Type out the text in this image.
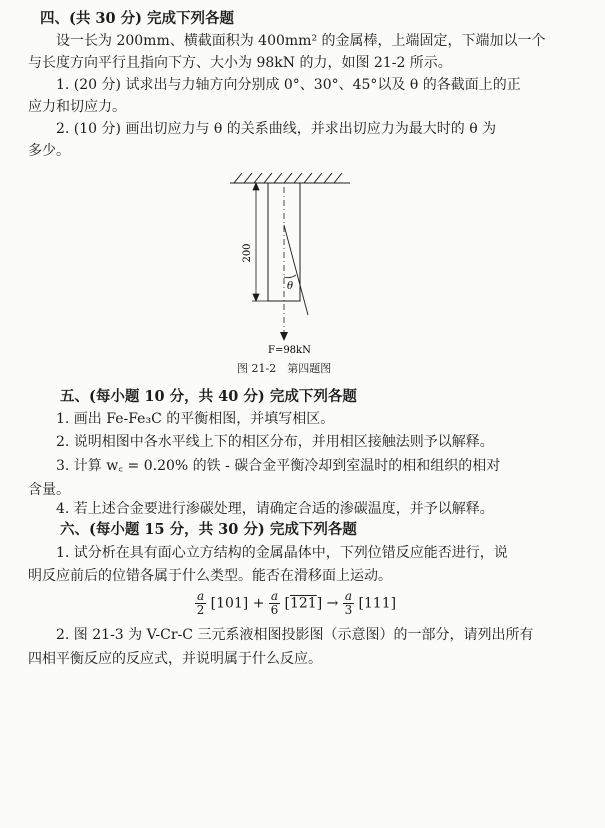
四、(共 30 分) 完成下列各题
设一长为 200mm、横截面积为 400mm² 的金属棒，上端固定，下端加以一个
与长度方向平行且指向下方、大小为 98kN 的力，如图 21-2 所示。
1. (20 分) 试求出与力轴方向分别成 0°、30°、45°以及 θ 的各截面上的正
应力和切应力。
2. (10 分) 画出切应力与 θ 的关系曲线，并求出切应力为最大时的 θ 为
多少。
200
θ
F=98kN
图 21-2　第四题图
五、(每小题 10 分，共 40 分) 完成下列各题
1. 画出 Fe-Fe₃C 的平衡相图，并填写相区。
2. 说明相图中各水平线上下的相区分布，并用相区接触法则予以解释。
3. 计算 w꜀ = 0.20% 的铁 - 碳合金平衡冷却到室温时的相和组织的相对
含量。
4. 若上述合金要进行渗碳处理，请确定合适的渗碳温度，并予以解释。
六、(每小题 15 分，共 30 分) 完成下列各题
1. 试分析在具有面心立方结构的金属晶体中，下列位错反应能否进行，说
明反应前后的位错各属于什么类型。能否在滑移面上运动。
$\frac{a}{2} [101] + \frac{a}{6} [121] \to \frac{a}{3} [111]$
2. 图 21-3 为 V-Cr-C 三元系液相图投影图（示意图）的一部分，请列出所有
四相平衡反应的反应式，并说明属于什么反应。
